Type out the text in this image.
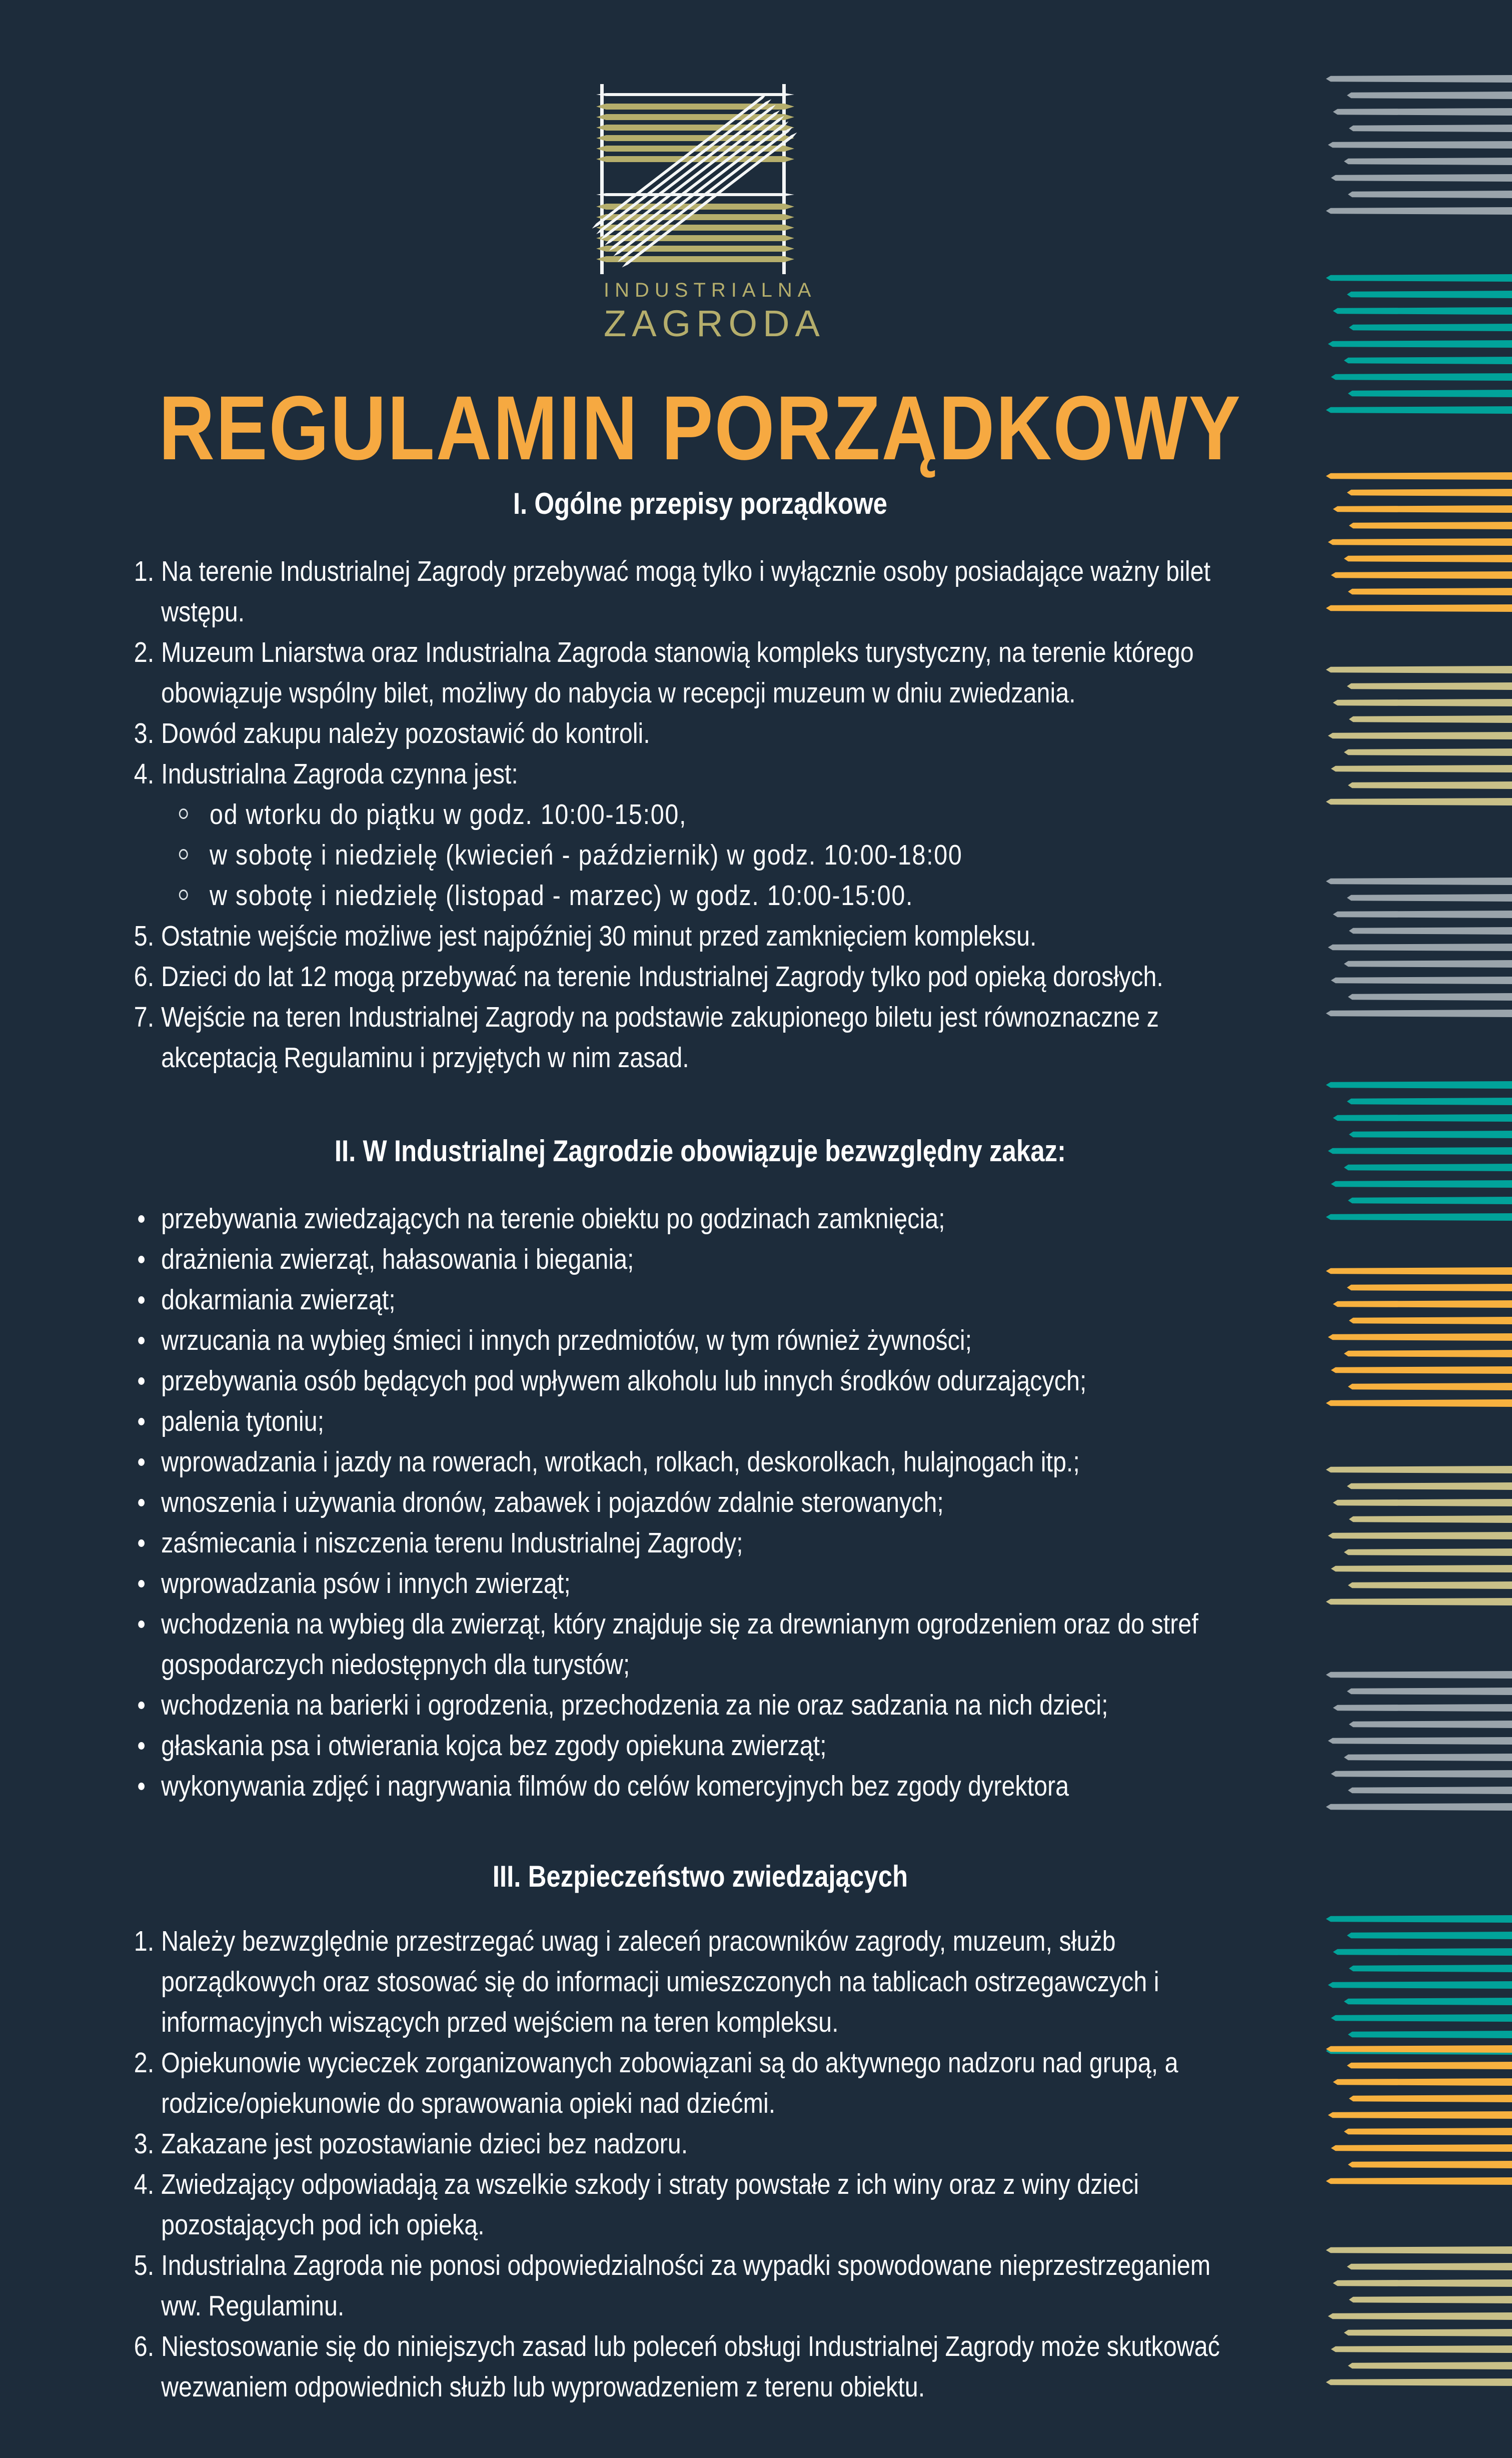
INDUSTRIALNA
ZAGRODA
REGULAMIN PORZĄDKOWY
I. Ogólne przepisy porządkowe
1. Na terenie Industrialnej Zagrody przebywać mogą tylko i wyłącznie osoby posiadające ważny bilet wstępu.
2. Muzeum Lniarstwa oraz Industrialna Zagroda stanowią kompleks turystyczny, na terenie którego obowiązuje wspólny bilet, możliwy do nabycia w recepcji muzeum w dniu zwiedzania.
3. Dowód zakupu należy pozostawić do kontroli.
4. Industrialna Zagroda czynna jest:
od wtorku do piątku w godz. 10:00-15:00,
w sobotę i niedzielę (kwiecień - październik) w godz. 10:00-18:00
w sobotę i niedzielę (listopad - marzec) w godz. 10:00-15:00.
5. Ostatnie wejście możliwe jest najpóźniej 30 minut przed zamknięciem kompleksu.
6. Dzieci do lat 12 mogą przebywać na terenie Industrialnej Zagrody tylko pod opieką dorosłych.
7. Wejście na teren Industrialnej Zagrody na podstawie zakupionego biletu jest równoznaczne z akceptacją Regulaminu i przyjętych w nim zasad.
II. W Industrialnej Zagrodzie obowiązuje bezwzględny zakaz:
przebywania zwiedzających na terenie obiektu po godzinach zamknięcia;
drażnienia zwierząt, hałasowania i biegania;
dokarmiania zwierząt;
wrzucania na wybieg śmieci i innych przedmiotów, w tym również żywności;
przebywania osób będących pod wpływem alkoholu lub innych środków odurzających;
palenia tytoniu;
wprowadzania i jazdy na rowerach, wrotkach, rolkach, deskorolkach, hulajnogach itp.;
wnoszenia i używania dronów, zabawek i pojazdów zdalnie sterowanych;
zaśmiecania i niszczenia terenu Industrialnej Zagrody;
wprowadzania psów i innych zwierząt;
wchodzenia na wybieg dla zwierząt, który znajduje się za drewnianym ogrodzeniem oraz do stref gospodarczych niedostępnych dla turystów;
wchodzenia na barierki i ogrodzenia, przechodzenia za nie oraz sadzania na nich dzieci;
głaskania psa i otwierania kojca bez zgody opiekuna zwierząt;
wykonywania zdjęć i nagrywania filmów do celów komercyjnych bez zgody dyrektora
III. Bezpieczeństwo zwiedzających
1. Należy bezwzględnie przestrzegać uwag i zaleceń pracowników zagrody, muzeum, służb porządkowych oraz stosować się do informacji umieszczonych na tablicach ostrzegawczych i informacyjnych wiszących przed wejściem na teren kompleksu.
2. Opiekunowie wycieczek zorganizowanych zobowiązani są do aktywnego nadzoru nad grupą, a rodzice/opiekunowie do sprawowania opieki nad dziećmi.
3. Zakazane jest pozostawianie dzieci bez nadzoru.
4. Zwiedzający odpowiadają za wszelkie szkody i straty powstałe z ich winy oraz z winy dzieci pozostających pod ich opieką.
5. Industrialna Zagroda nie ponosi odpowiedzialności za wypadki spowodowane nieprzestrzeganiem ww. Regulaminu.
6. Niestosowanie się do niniejszych zasad lub poleceń obsługi Industrialnej Zagrody może skutkować wezwaniem odpowiednich służb lub wyprowadzeniem z terenu obiektu.
